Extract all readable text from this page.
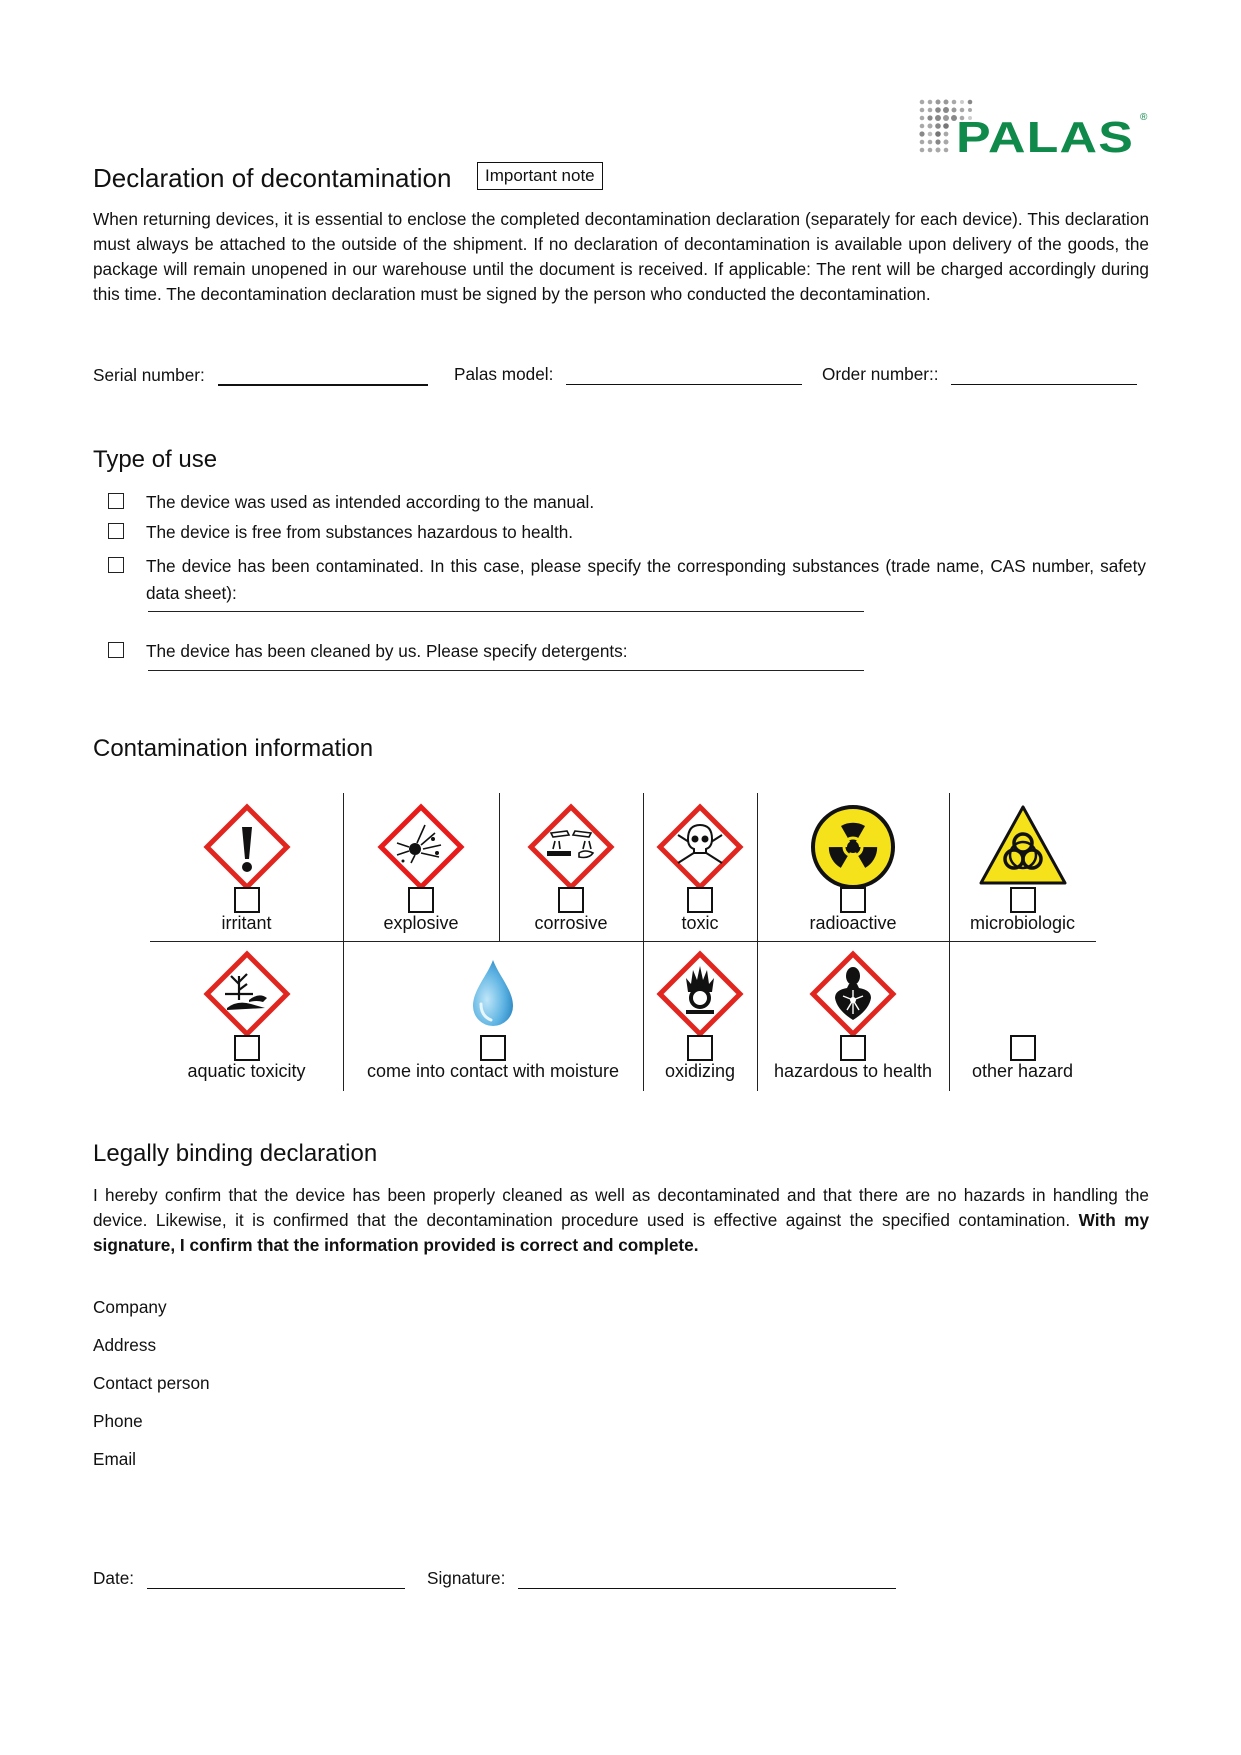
PALAS ®
Declaration of decontamination	Important note
When returning devices, it is essential to enclose the completed decontamination declaration (separately for each device). This declaration must always be attached to the outside of the shipment. If no declaration of decontamination is available upon delivery of the goods, the package will remain unopened in our warehouse until the document is received. If applicable: The rent will be charged accordingly during this time. The decontamination declaration must be signed by the person who conducted the decontamination.
Serial number:	Palas model:	Order number::
Type of use
The device was used as intended according to the manual.
The device is free from substances hazardous to health.
The device has been contaminated. In this case, please specify the corresponding substances (trade name, CAS number, safety data sheet):
The device has been cleaned by us. Please specify detergents:
Contamination information
irritant	explosive	corrosive	toxic	radioactive	microbiologic
aquatic toxicity	come into contact with moisture	oxidizing	hazardous to health	other hazard
Legally binding declaration
I hereby confirm that the device has been properly cleaned as well as decontaminated and that there are no hazards in handling the device. Likewise, it is confirmed that the decontamination procedure used is effective against the specified contamination. With my signature, I confirm that the information provided is correct and complete.
Company
Address
Contact person
Phone
Email
Date:	Signature:
